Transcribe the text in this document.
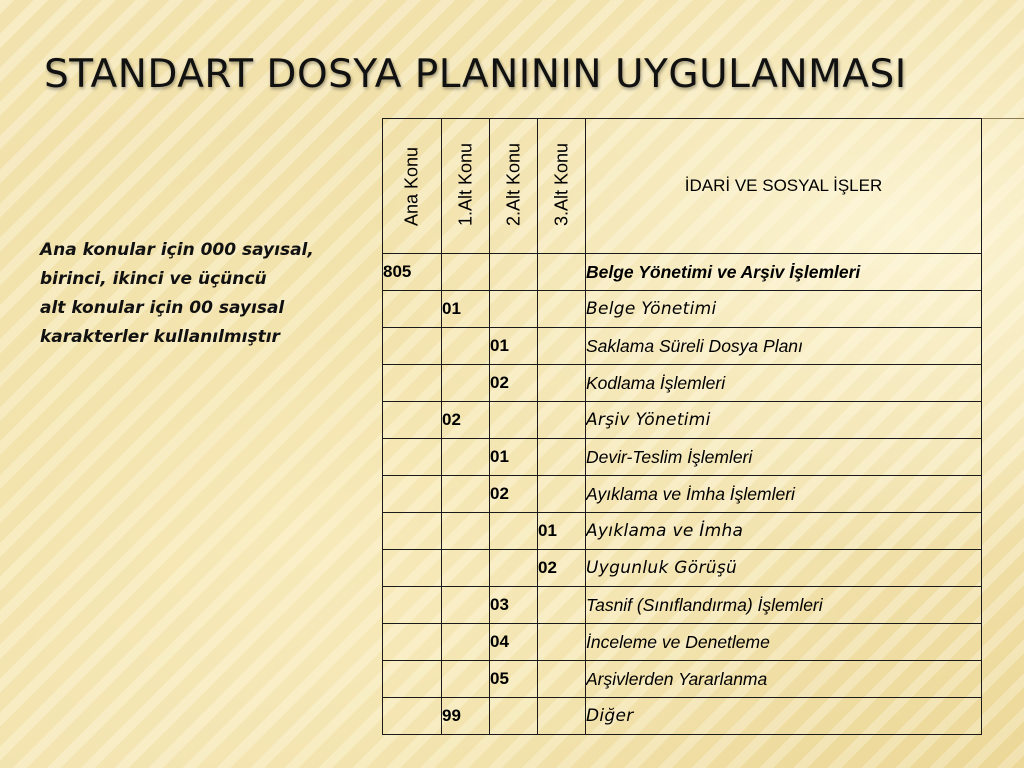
STANDART DOSYA PLANININ UYGULANMASI

Ana konular için 000 sayısal,
birinci, ikinci ve üçüncü
alt konular için 00 sayısal
karakterler kullanılmıştır

Ana Konu	1.Alt Konu	2.Alt Konu	3.Alt Konu	İDARİ VE SOSYAL İŞLER
805				Belge Yönetimi ve Arşiv İşlemleri
	01			Belge Yönetimi
		01		Saklama Süreli Dosya Planı
		02		Kodlama İşlemleri
	02			Arşiv Yönetimi
		01		Devir-Teslim İşlemleri
		02		Ayıklama ve İmha İşlemleri
			01	Ayıklama ve İmha
			02	Uygunluk Görüşü
		03		Tasnif (Sınıflandırma) İşlemleri
		04		İnceleme ve Denetleme
		05		Arşivlerden Yararlanma
	99			Diğer
